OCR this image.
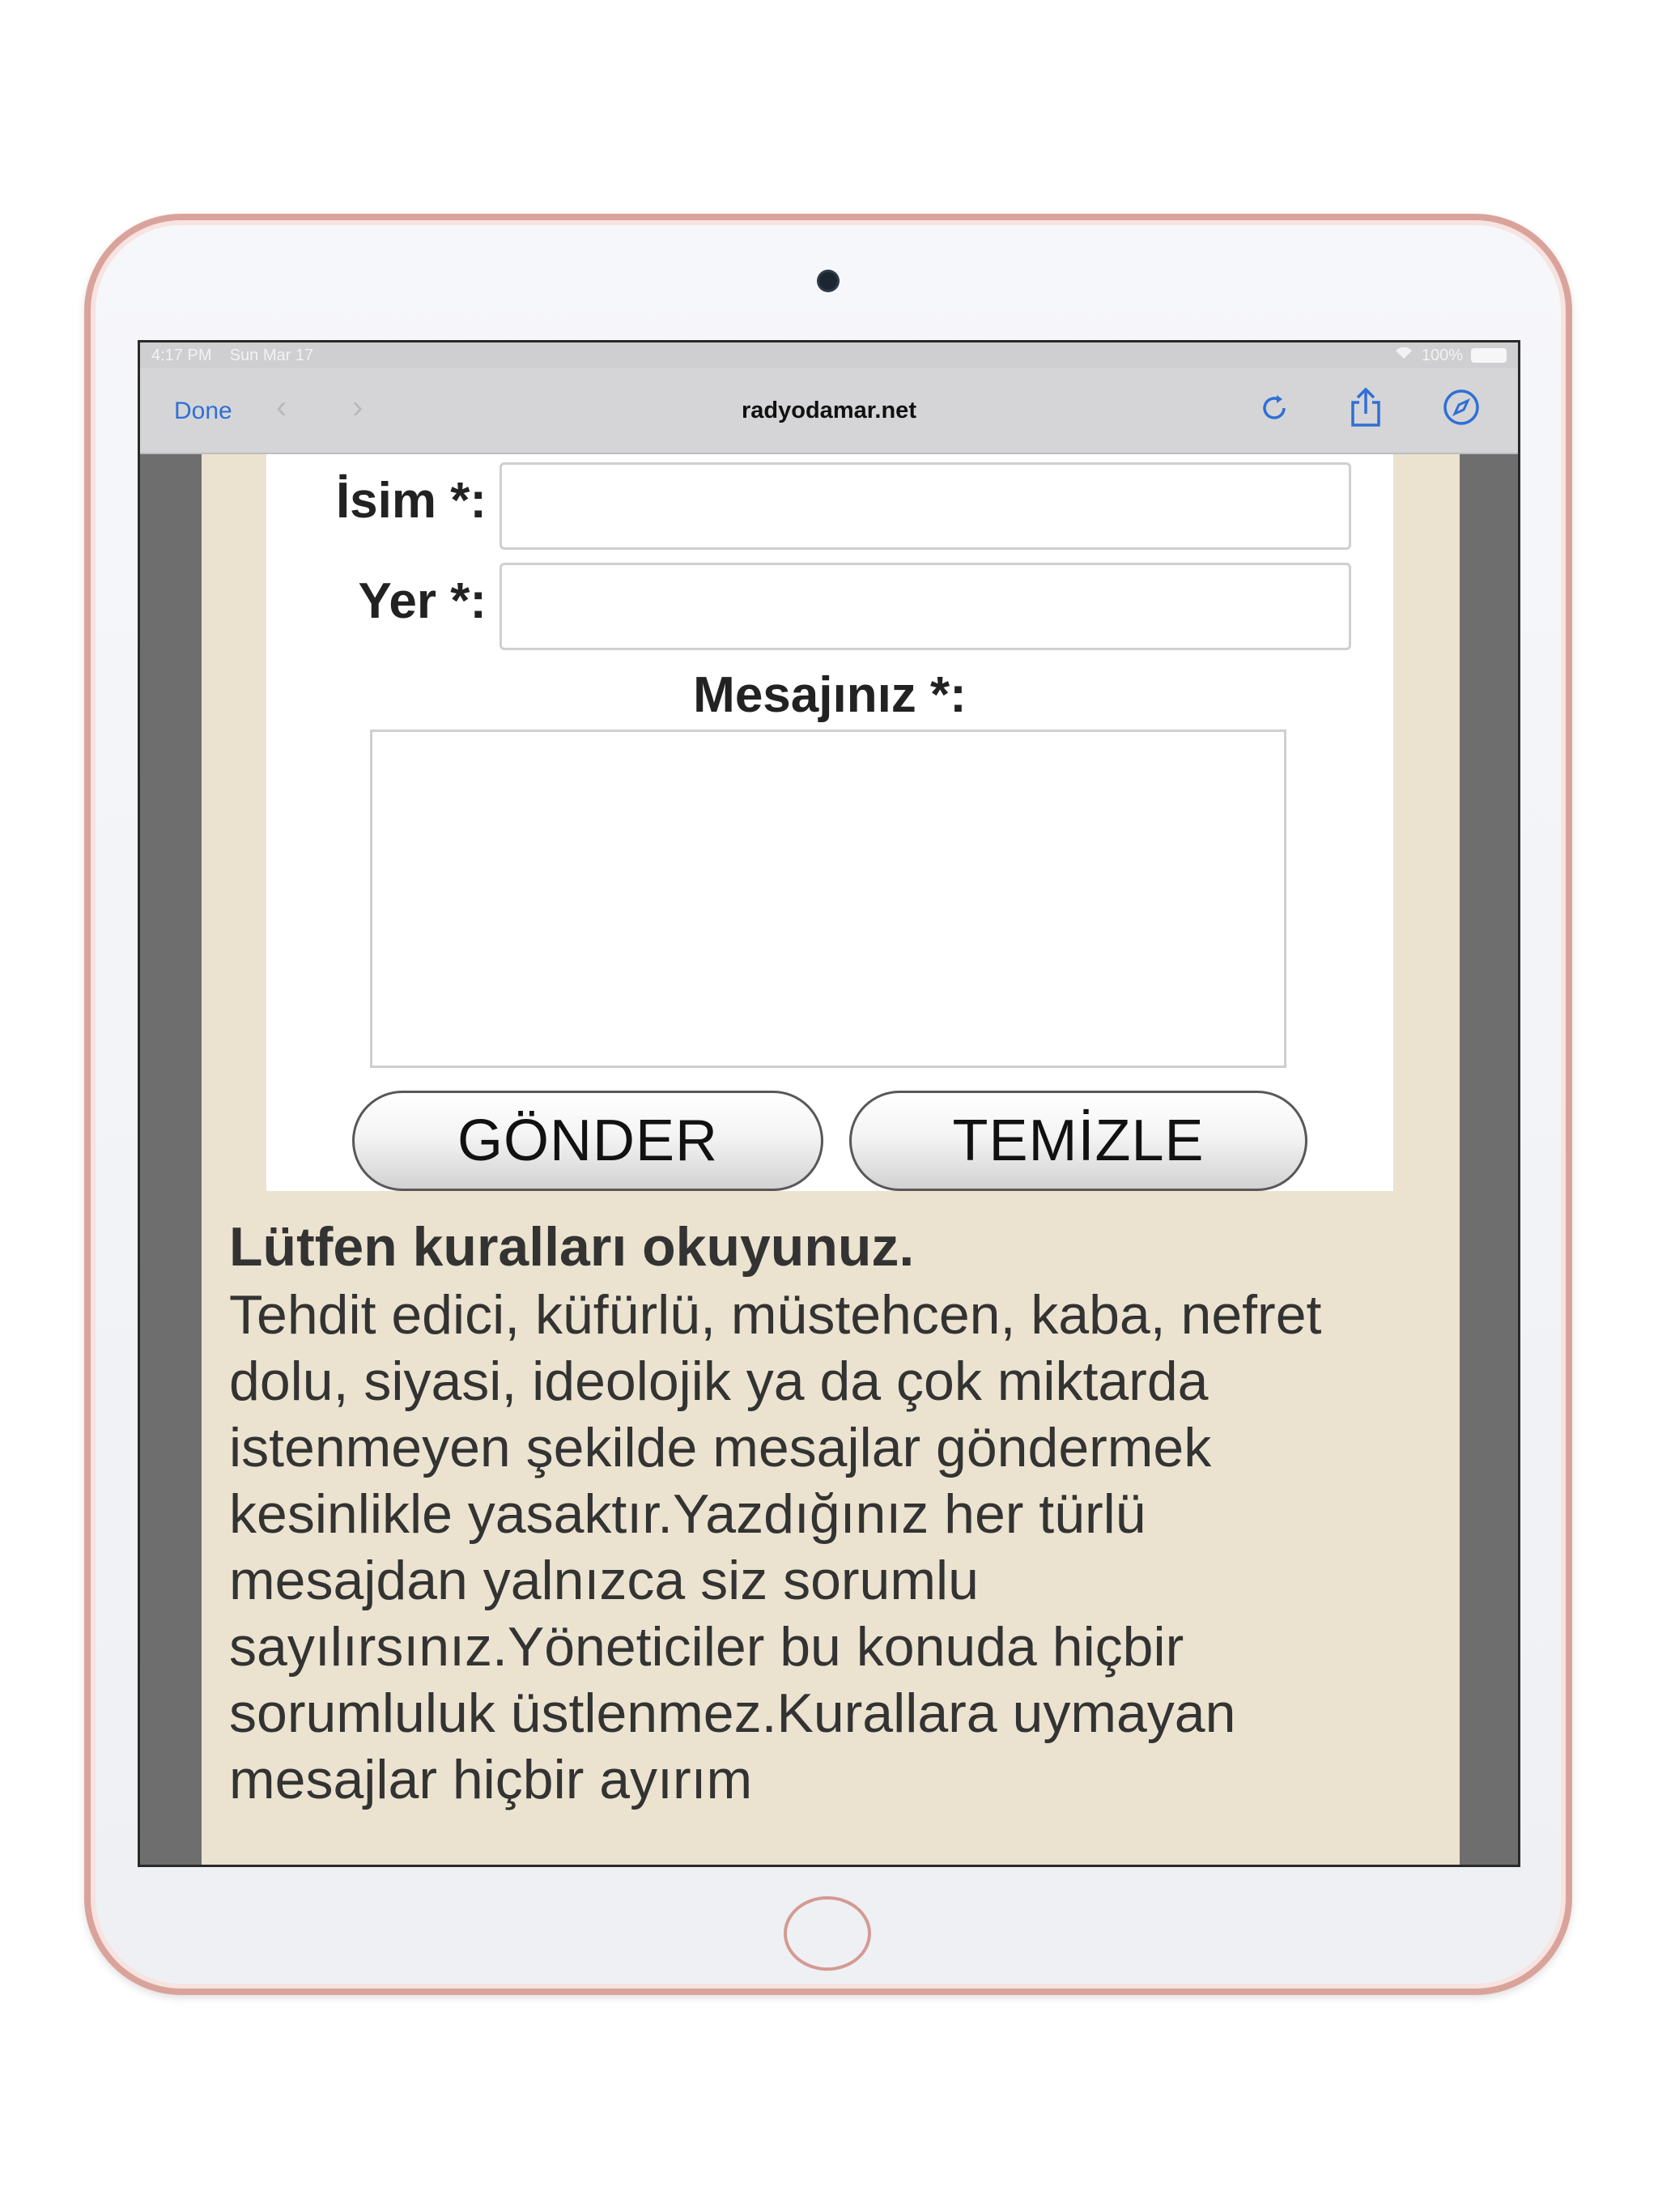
4:17 PM Sun Mar 17	100%
Done ‹ ›	radyodamar.net
İsim *:
Yer *:
Mesajınız *:
GÖNDER	TEMİZLE
Lütfen kuralları okuyunuz.
Tehdit edici, küfürlü, müstehcen, kaba, nefret dolu, siyasi, ideolojik ya da çok miktarda istenmeyen şekilde mesajlar göndermek kesinlikle yasaktır.Yazdığınız her türlü mesajdan yalnızca siz sorumlu sayılırsınız.Yöneticiler bu konuda hiçbir sorumluluk üstlenmez.Kurallara uymayan mesajlar hiçbir ayırım
